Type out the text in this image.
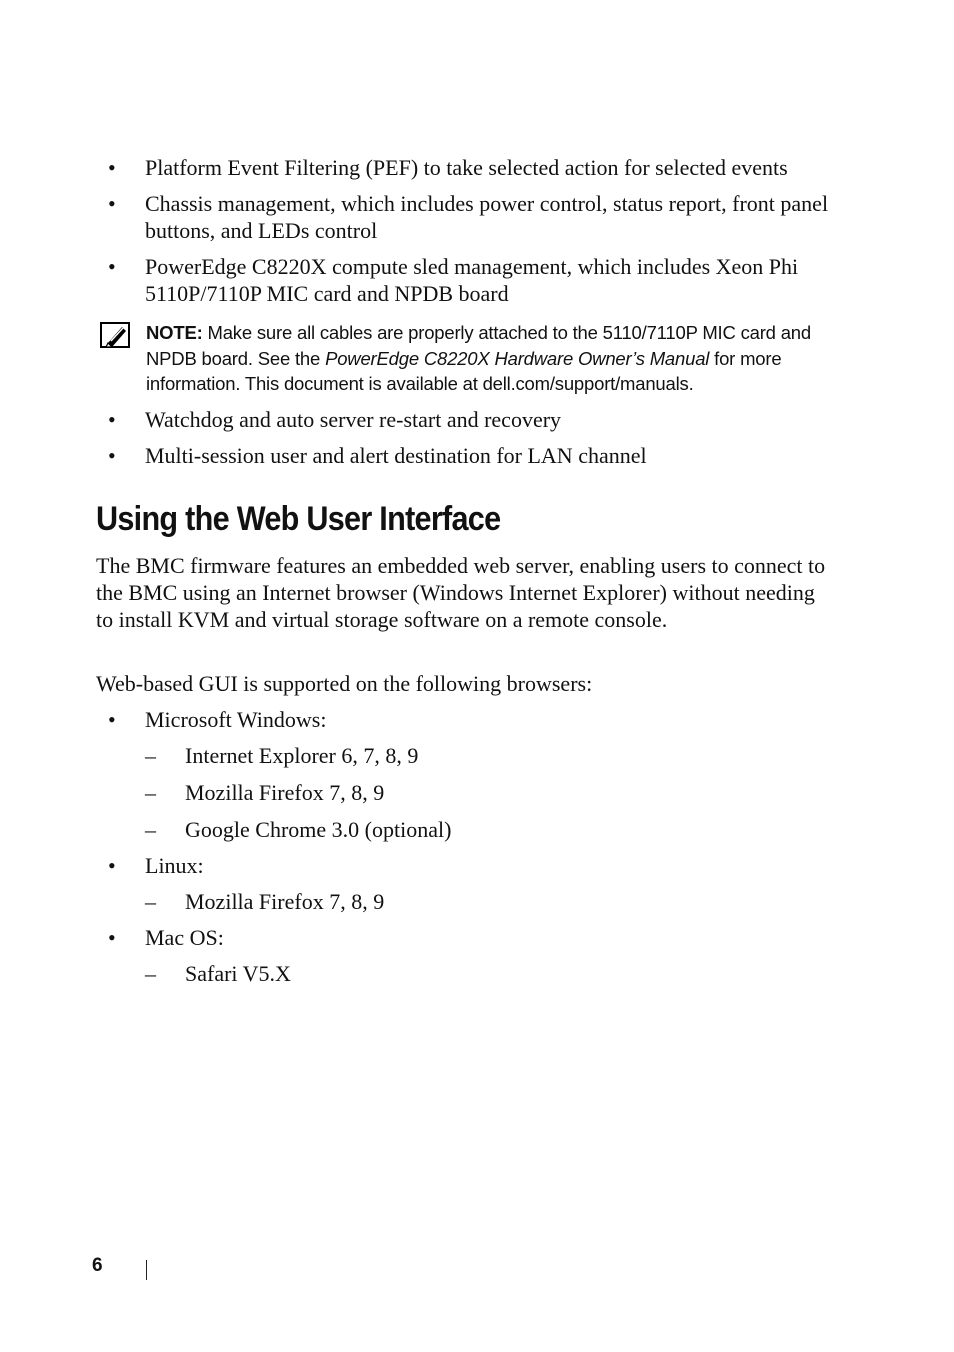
• Platform Event Filtering (PEF) to take selected action for selected events
• Chassis management, which includes power control, status report, front panel buttons, and LEDs control
• PowerEdge C8220X compute sled management, which includes Xeon Phi 5110P/7110P MIC card and NPDB board
NOTE: Make sure all cables are properly attached to the 5110/7110P MIC card and NPDB board. See the PowerEdge C8220X Hardware Owner’s Manual for more information. This document is available at dell.com/support/manuals.
• Watchdog and auto server re-start and recovery
• Multi-session user and alert destination for LAN channel
Using the Web User Interface

The BMC firmware features an embedded web server, enabling users to connect to the BMC using an Internet browser (Windows Internet Explorer) without needing to install KVM and virtual storage software on a remote console.

Web-based GUI is supported on the following browsers:

• Microsoft Windows:
– Internet Explorer 6, 7, 8, 9
– Mozilla Firefox 7, 8, 9
– Google Chrome 3.0 (optional)
• Linux:
– Mozilla Firefox 7, 8, 9
• Mac OS:
– Safari V5.X
6
